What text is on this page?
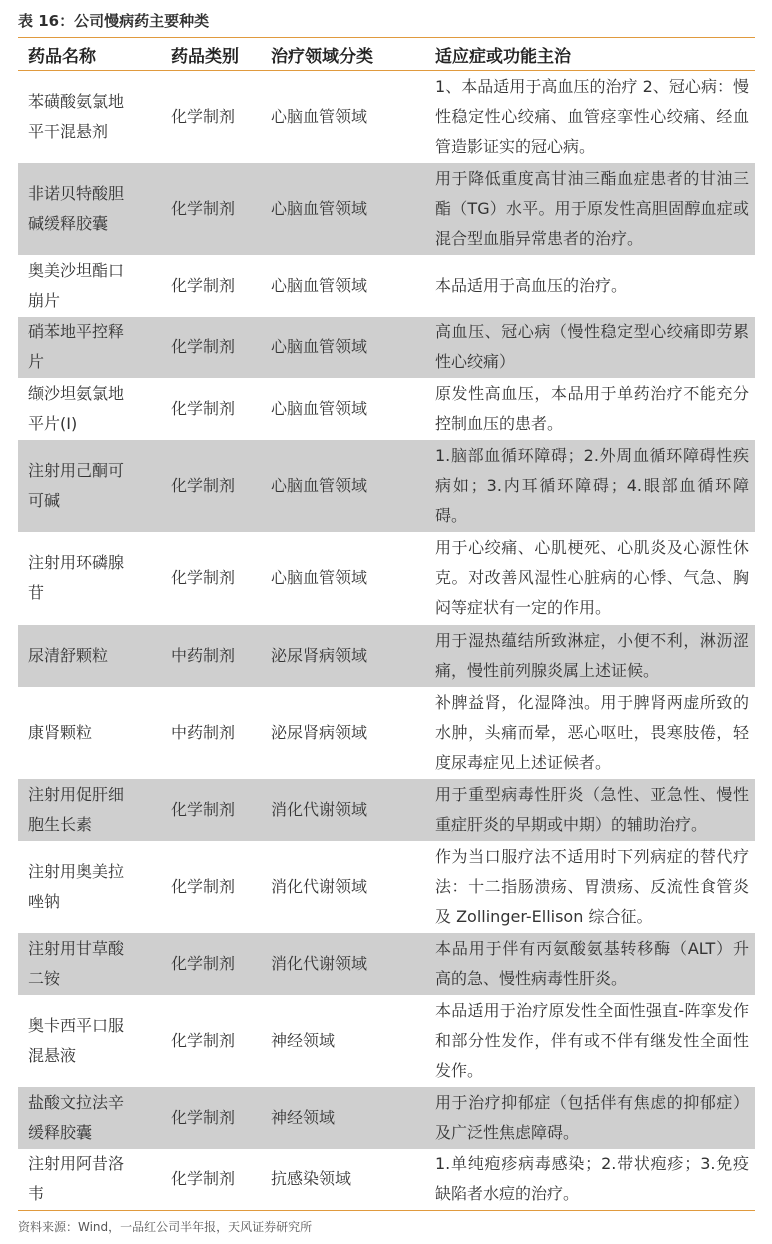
表 16：公司慢病药主要种类
药品名称	药品类别	治疗领域分类	适应症或功能主治
苯磺酸氨氯地平干混悬剂	化学制剂	心脑血管领域	1、本品适用于高血压的治疗 2、冠心病：慢性稳定性心绞痛、血管痉挛性心绞痛、经血管造影证实的冠心病。
非诺贝特酸胆碱缓释胶囊	化学制剂	心脑血管领域	用于降低重度高甘油三酯血症患者的甘油三酯（TG）水平。用于原发性高胆固醇血症或混合型血脂异常患者的治疗。
奥美沙坦酯口崩片	化学制剂	心脑血管领域	本品适用于高血压的治疗。
硝苯地平控释片	化学制剂	心脑血管领域	高血压、冠心病（慢性稳定型心绞痛即劳累性心绞痛）
缬沙坦氨氯地平片(I)	化学制剂	心脑血管领域	原发性高血压，本品用于单药治疗不能充分控制血压的患者。
注射用己酮可可碱	化学制剂	心脑血管领域	1.脑部血循环障碍；2.外周血循环障碍性疾病如；3.内耳循环障碍；4.眼部血循环障碍。
注射用环磷腺苷	化学制剂	心脑血管领域	用于心绞痛、心肌梗死、心肌炎及心源性休克。对改善风湿性心脏病的心悸、气急、胸闷等症状有一定的作用。
尿清舒颗粒	中药制剂	泌尿肾病领域	用于湿热蕴结所致淋症，小便不利，淋沥涩痛，慢性前列腺炎属上述证候。
康肾颗粒	中药制剂	泌尿肾病领域	补脾益肾，化湿降浊。用于脾肾两虚所致的水肿，头痛而晕，恶心呕吐，畏寒肢倦，轻度尿毒症见上述证候者。
注射用促肝细胞生长素	化学制剂	消化代谢领域	用于重型病毒性肝炎（急性、亚急性、慢性重症肝炎的早期或中期）的辅助治疗。
注射用奥美拉唑钠	化学制剂	消化代谢领域	作为当口服疗法不适用时下列病症的替代疗法：十二指肠溃疡、胃溃疡、反流性食管炎及 Zollinger-Ellison 综合征。
注射用甘草酸二铵	化学制剂	消化代谢领域	本品用于伴有丙氨酸氨基转移酶（ALT）升高的急、慢性病毒性肝炎。
奥卡西平口服混悬液	化学制剂	神经领域	本品适用于治疗原发性全面性强直-阵挛发作和部分性发作，伴有或不伴有继发性全面性发作。
盐酸文拉法辛缓释胶囊	化学制剂	神经领域	用于治疗抑郁症（包括伴有焦虑的抑郁症）及广泛性焦虑障碍。
注射用阿昔洛韦	化学制剂	抗感染领域	1.单纯疱疹病毒感染；2.带状疱疹；3.免疫缺陷者水痘的治疗。
资料来源：Wind，一品红公司半年报，天风证券研究所
